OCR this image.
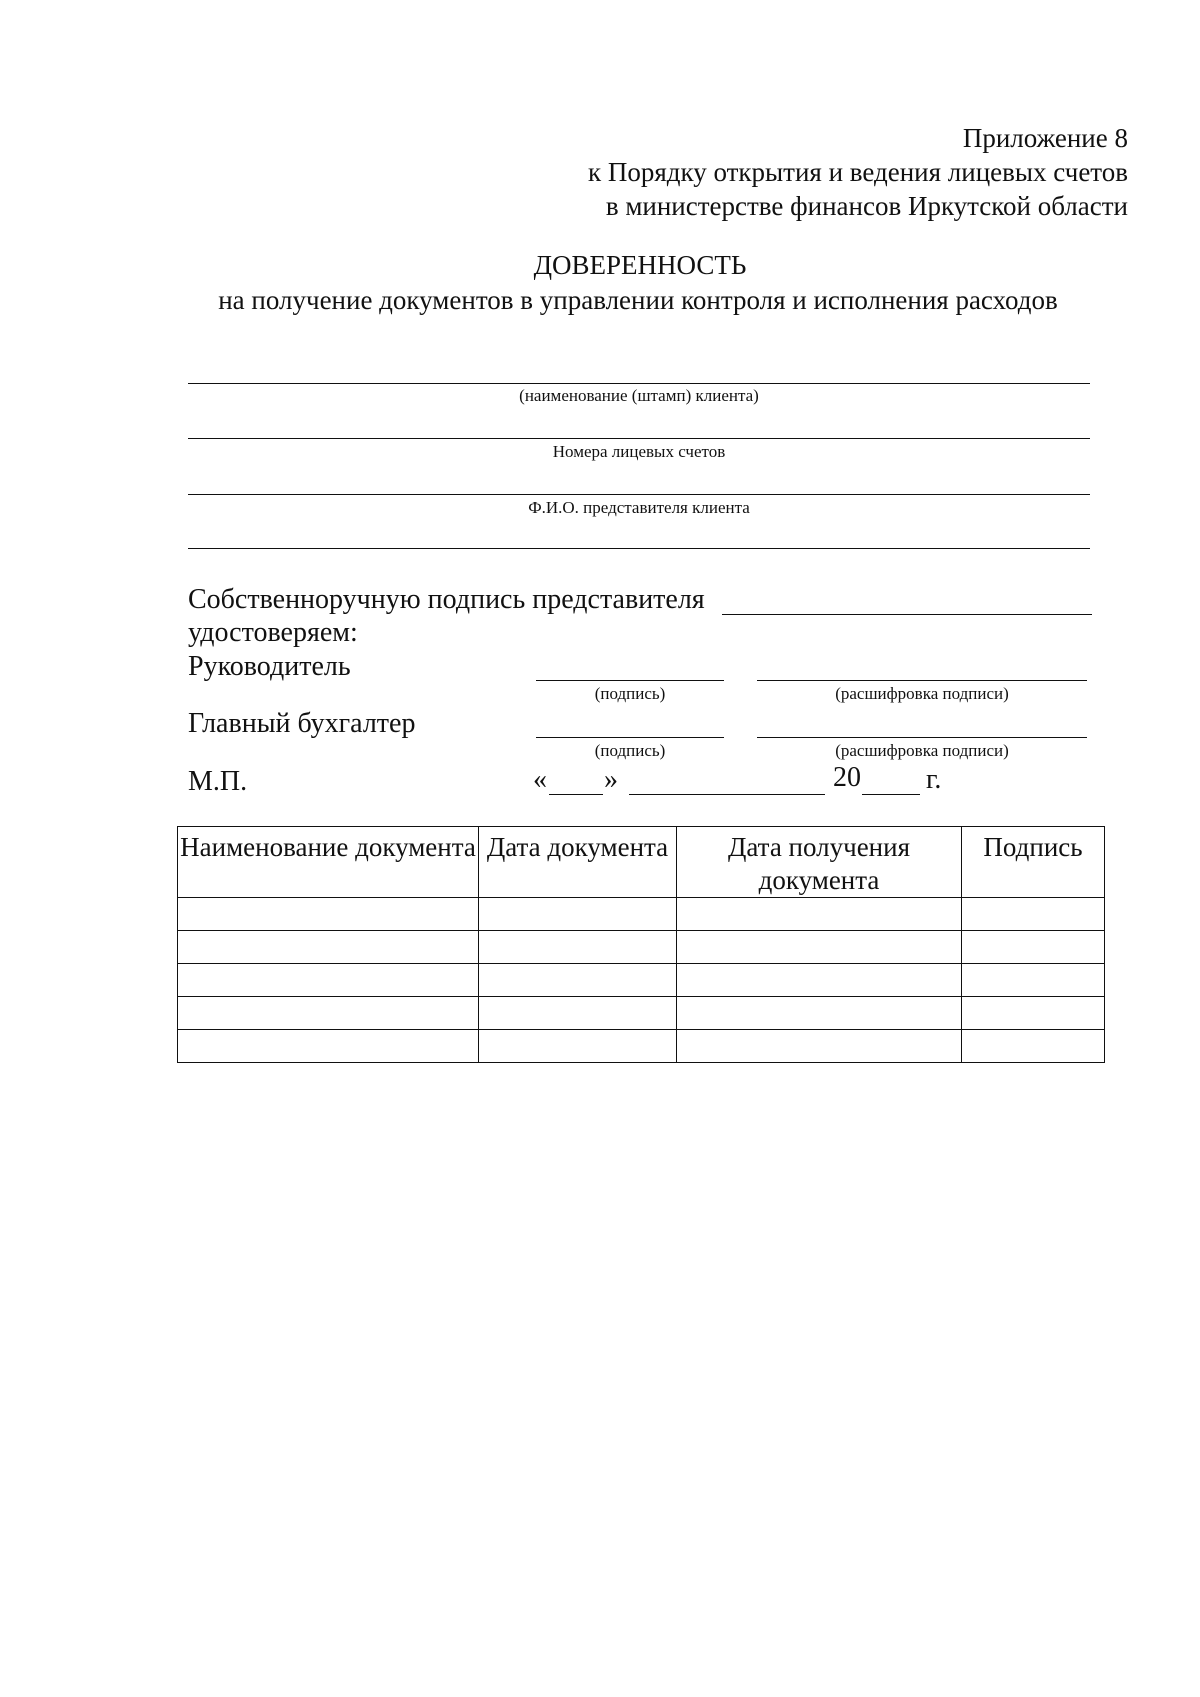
Приложение 8
к Порядку открытия и ведения лицевых счетов
в министерстве финансов Иркутской области
ДОВЕРЕННОСТЬ
на получение документов в управлении контроля и исполнения расходов
(наименование (штамп) клиента)
Номера лицевых счетов
Ф.И.О. представителя клиента
Собственноручную подпись представителя
удостоверяем:
Руководитель
(подпись)	(расшифровка подписи)
Главный бухгалтер
(подпись)	(расшифровка подписи)
М.П.	« »	20 г.
Наименование документа	Дата документа	Дата получения документа	Подпись
